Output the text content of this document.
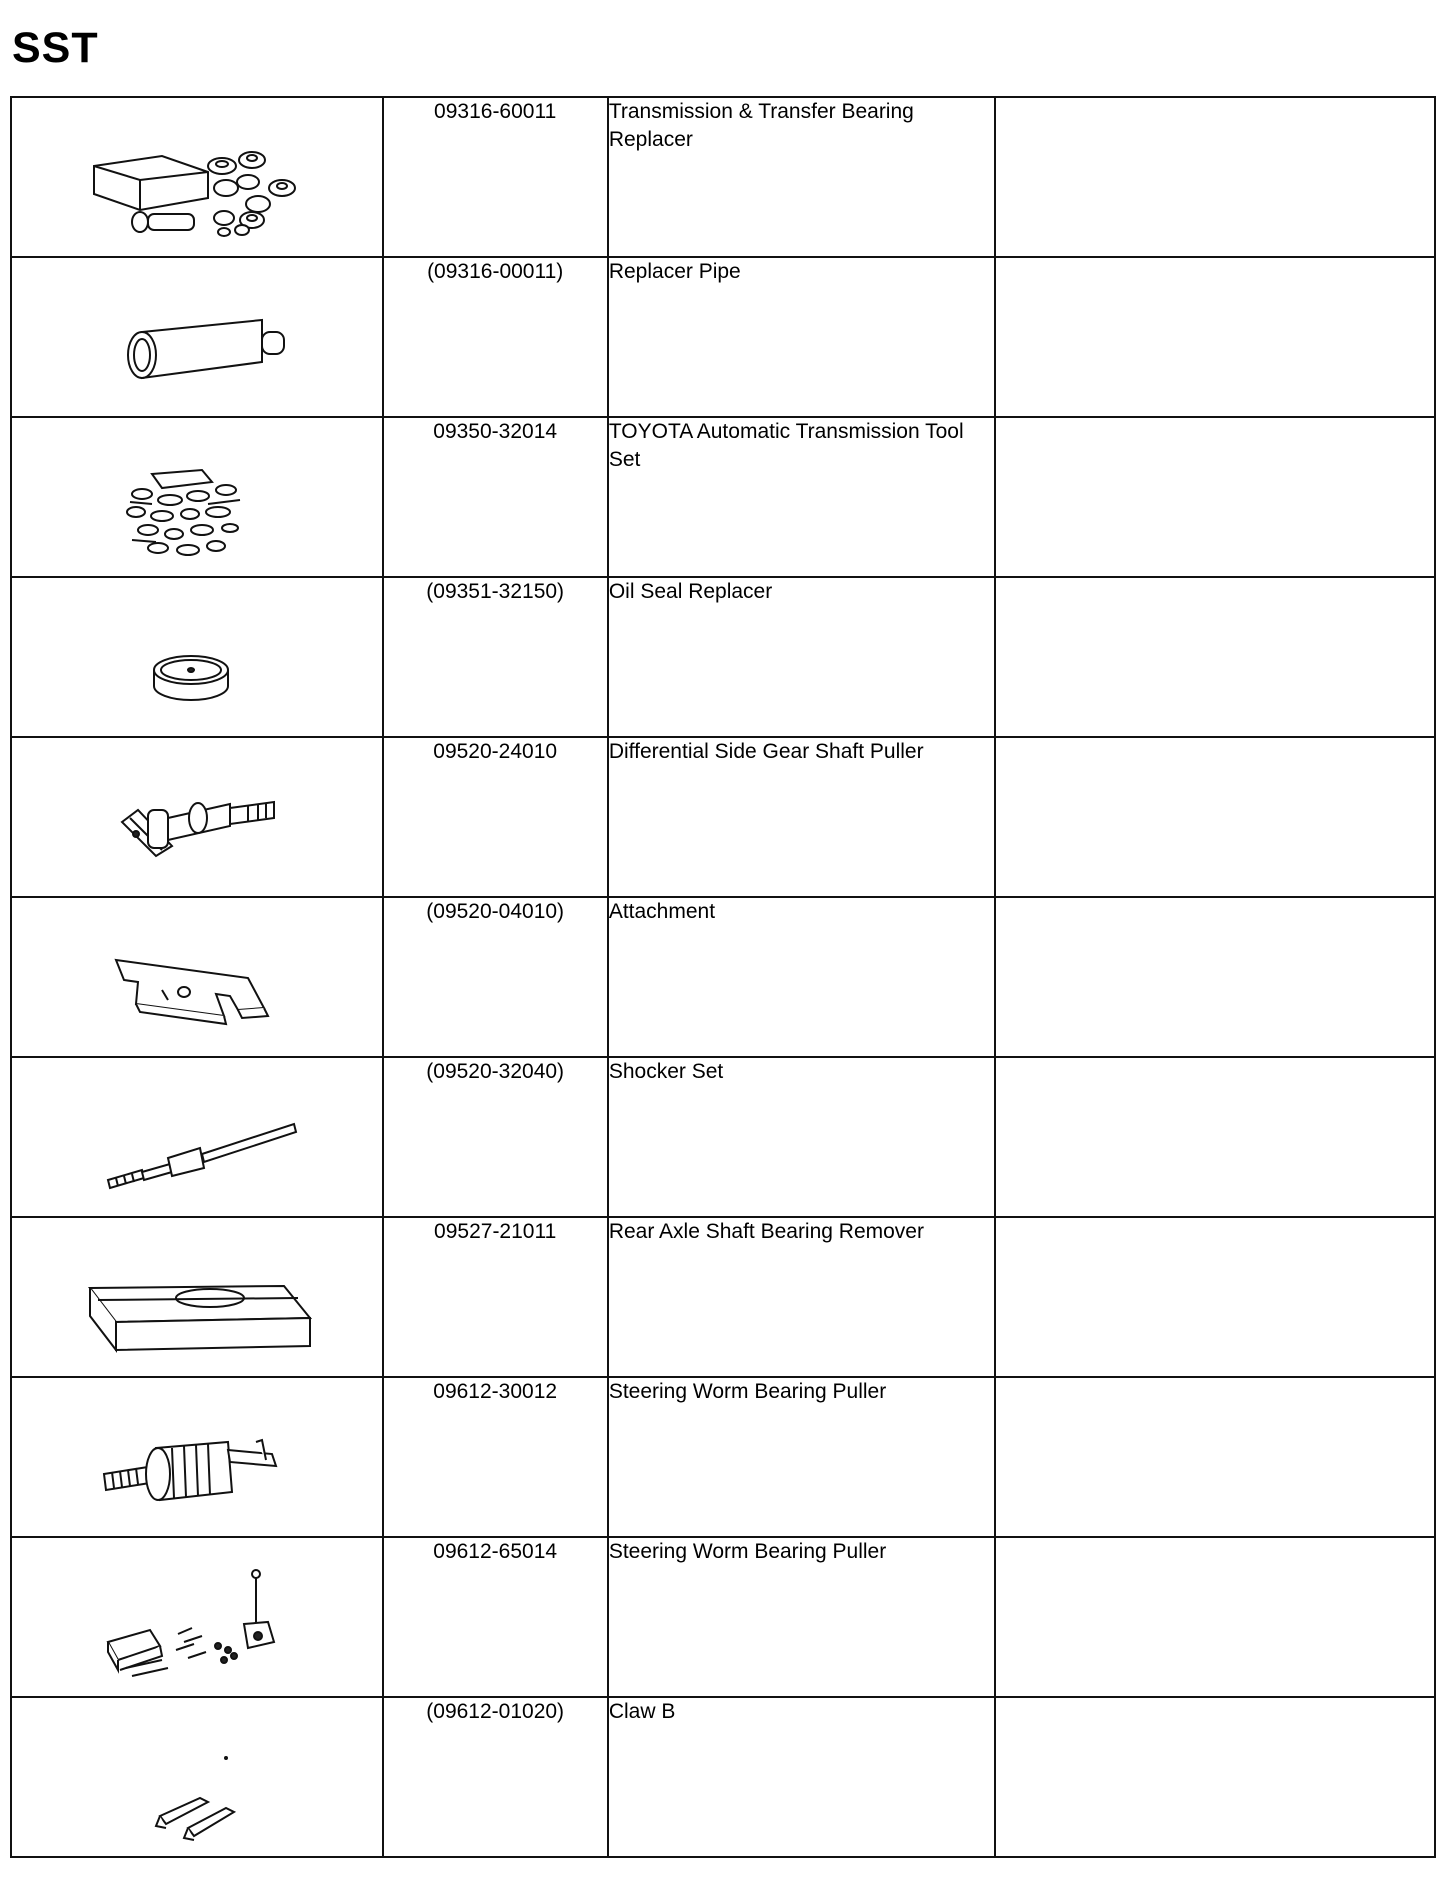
SST
	09316-60011	Transmission & Transfer Bearing Replacer	

	(09316-00011)	Replacer Pipe	

	09350-32014	TOYOTA Automatic Transmission Tool Set	

	(09351-32150)	Oil Seal Replacer	

	09520-24010	Differential Side Gear Shaft Puller	

	(09520-04010)	Attachment	

	(09520-32040)	Shocker Set	

	09527-21011	Rear Axle Shaft Bearing Remover	

	09612-30012	Steering Worm Bearing Puller	

	09612-65014	Steering Worm Bearing Puller	

	(09612-01020)	Claw B	
